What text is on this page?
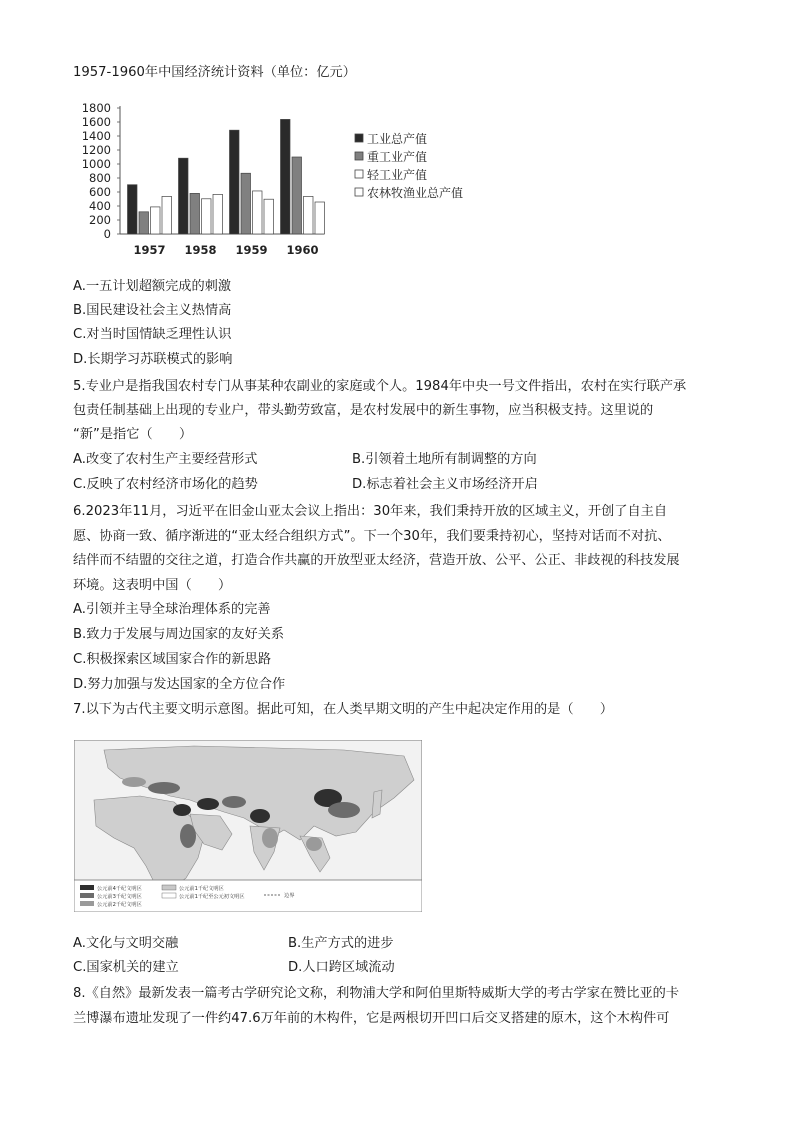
1957-1960年中国经济统计资料（单位：亿元）
0
200
400
600
800
1000
1200
1400
1600
1800
1957 1958 1959 1960
工业总产值
重工业产值
轻工业产值
农林牧渔业总产值
A.一五计划超额完成的刺激
B.国民建设社会主义热情高
C.对当时国情缺乏理性认识
D.长期学习苏联模式的影响
5.专业户是指我国农村专门从事某种农副业的家庭或个人。1984年中央一号文件指出，农村在实行联产承
包责任制基础上出现的专业户，带头勤劳致富，是农村发展中的新生事物，应当积极支持。这里说的
“新”是指它（　　）
A.改变了农村生产主要经营形式	B.引领着土地所有制调整的方向
C.反映了农村经济市场化的趋势	D.标志着社会主义市场经济开启
6.2023年11月，习近平在旧金山亚太会议上指出：30年来，我们秉持开放的区域主义，开创了自主自
愿、协商一致、循序渐进的“亚太经合组织方式”。下一个30年，我们要秉持初心，坚持对话而不对抗、
结伴而不结盟的交往之道，打造合作共赢的开放型亚太经济，营造开放、公平、公正、非歧视的科技发展
环境。这表明中国（　　）
A.引领并主导全球治理体系的完善
B.致力于发展与周边国家的友好关系
C.积极探索区域国家合作的新思路
D.努力加强与发达国家的全方位合作
7.以下为古代主要文明示意图。据此可知，在人类早期文明的产生中起决定作用的是（　　）
公元前4千纪文明区
公元前3千纪文明区
公元前2千纪文明区
公元前1千纪文明区
公元前1千纪至公元初文明区	边界
A.文化与文明交融	B.生产方式的进步
C.国家机关的建立	D.人口跨区域流动
8.《自然》最新发表一篇考古学研究论文称，利物浦大学和阿伯里斯特威斯大学的考古学家在赞比亚的卡
兰博瀑布遗址发现了一件约47.6万年前的木构件，它是两根切开凹口后交叉搭建的原木，这个木构件可
